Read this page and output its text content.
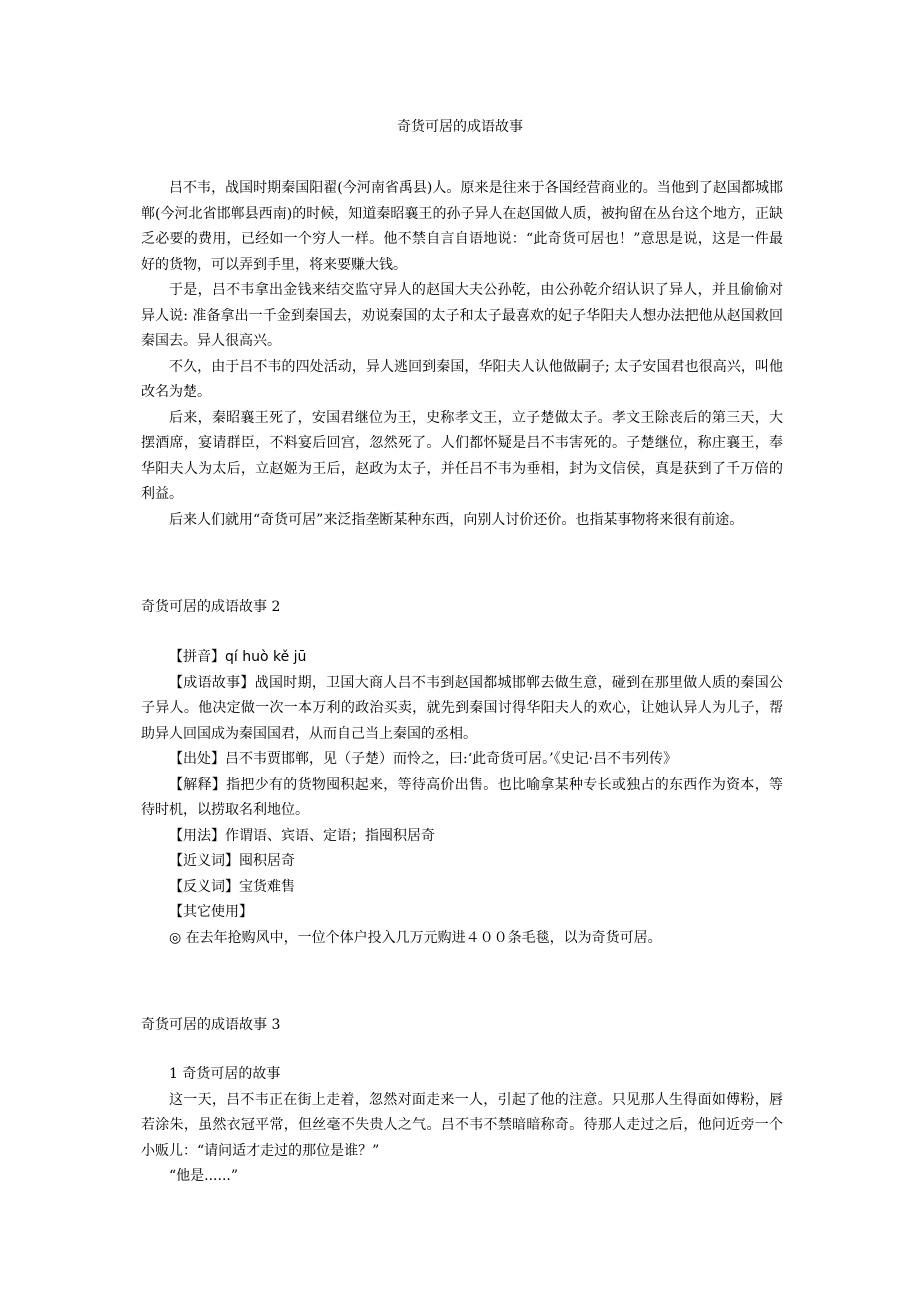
奇货可居的成语故事

吕不韦，战国时期秦国阳翟(今河南省禹县)人。原来是往来于各国经营商业的。当他到了赵国都城邯郸(今河北省邯郸县西南)的时候，知道秦昭襄王的孙子异人在赵国做人质，被拘留在丛台这个地方，正缺乏必要的费用，已经如一个穷人一样。他不禁自言自语地说：“此奇货可居也！”意思是说，这是一件最好的货物，可以弄到手里，将来要赚大钱。

于是，吕不韦拿出金钱来结交监守异人的赵国大夫公孙乾，由公孙乾介绍认识了异人，并且偷偷对异人说: 准备拿出一千金到秦国去，劝说秦国的太子和太子最喜欢的妃子华阳夫人想办法把他从赵国救回秦国去。异人很高兴。

不久，由于吕不韦的四处活动，异人逃回到秦国，华阳夫人认他做嗣子; 太子安国君也很高兴，叫他改名为楚。

后来，秦昭襄王死了，安国君继位为王，史称孝文王，立子楚做太子。孝文王除丧后的第三天，大摆酒席，宴请群臣，不料宴后回宫，忽然死了。人们都怀疑是吕不韦害死的。子楚继位，称庄襄王，奉华阳夫人为太后，立赵姬为王后，赵政为太子，并任吕不韦为垂相，封为文信侯，真是获到了千万倍的利益。

后来人们就用“奇货可居”来泛指垄断某种东西，向别人讨价还价。也指某事物将来很有前途。

奇货可居的成语故事 2

【拼音】qí huò kě jū

【成语故事】战国时期，卫国大商人吕不韦到赵国都城邯郸去做生意，碰到在那里做人质的秦国公子异人。他决定做一次一本万利的政治买卖，就先到秦国讨得华阳夫人的欢心，让她认异人为儿子，帮助异人回国成为秦国国君，从而自己当上秦国的丞相。

【出处】吕不韦贾邯郸，见（子楚）而怜之，曰:‘此奇货可居。’《史记·吕不韦列传》

【解释】指把少有的货物囤积起来，等待高价出售。也比喻拿某种专长或独占的东西作为资本，等待时机，以捞取名利地位。

【用法】作谓语、宾语、定语；指囤积居奇

【近义词】囤积居奇

【反义词】宝货难售

【其它使用】

◎ 在去年抢购风中，一位个体户投入几万元购进４００条毛毯，以为奇货可居。

奇货可居的成语故事 3

1 奇货可居的故事

这一天，吕不韦正在街上走着，忽然对面走来一人，引起了他的注意。只见那人生得面如傅粉，唇若涂朱，虽然衣冠平常，但丝毫不失贵人之气。吕不韦不禁暗暗称奇。待那人走过之后，他问近旁一个小贩儿：“请问适才走过的那位是谁？”

“他是......”
